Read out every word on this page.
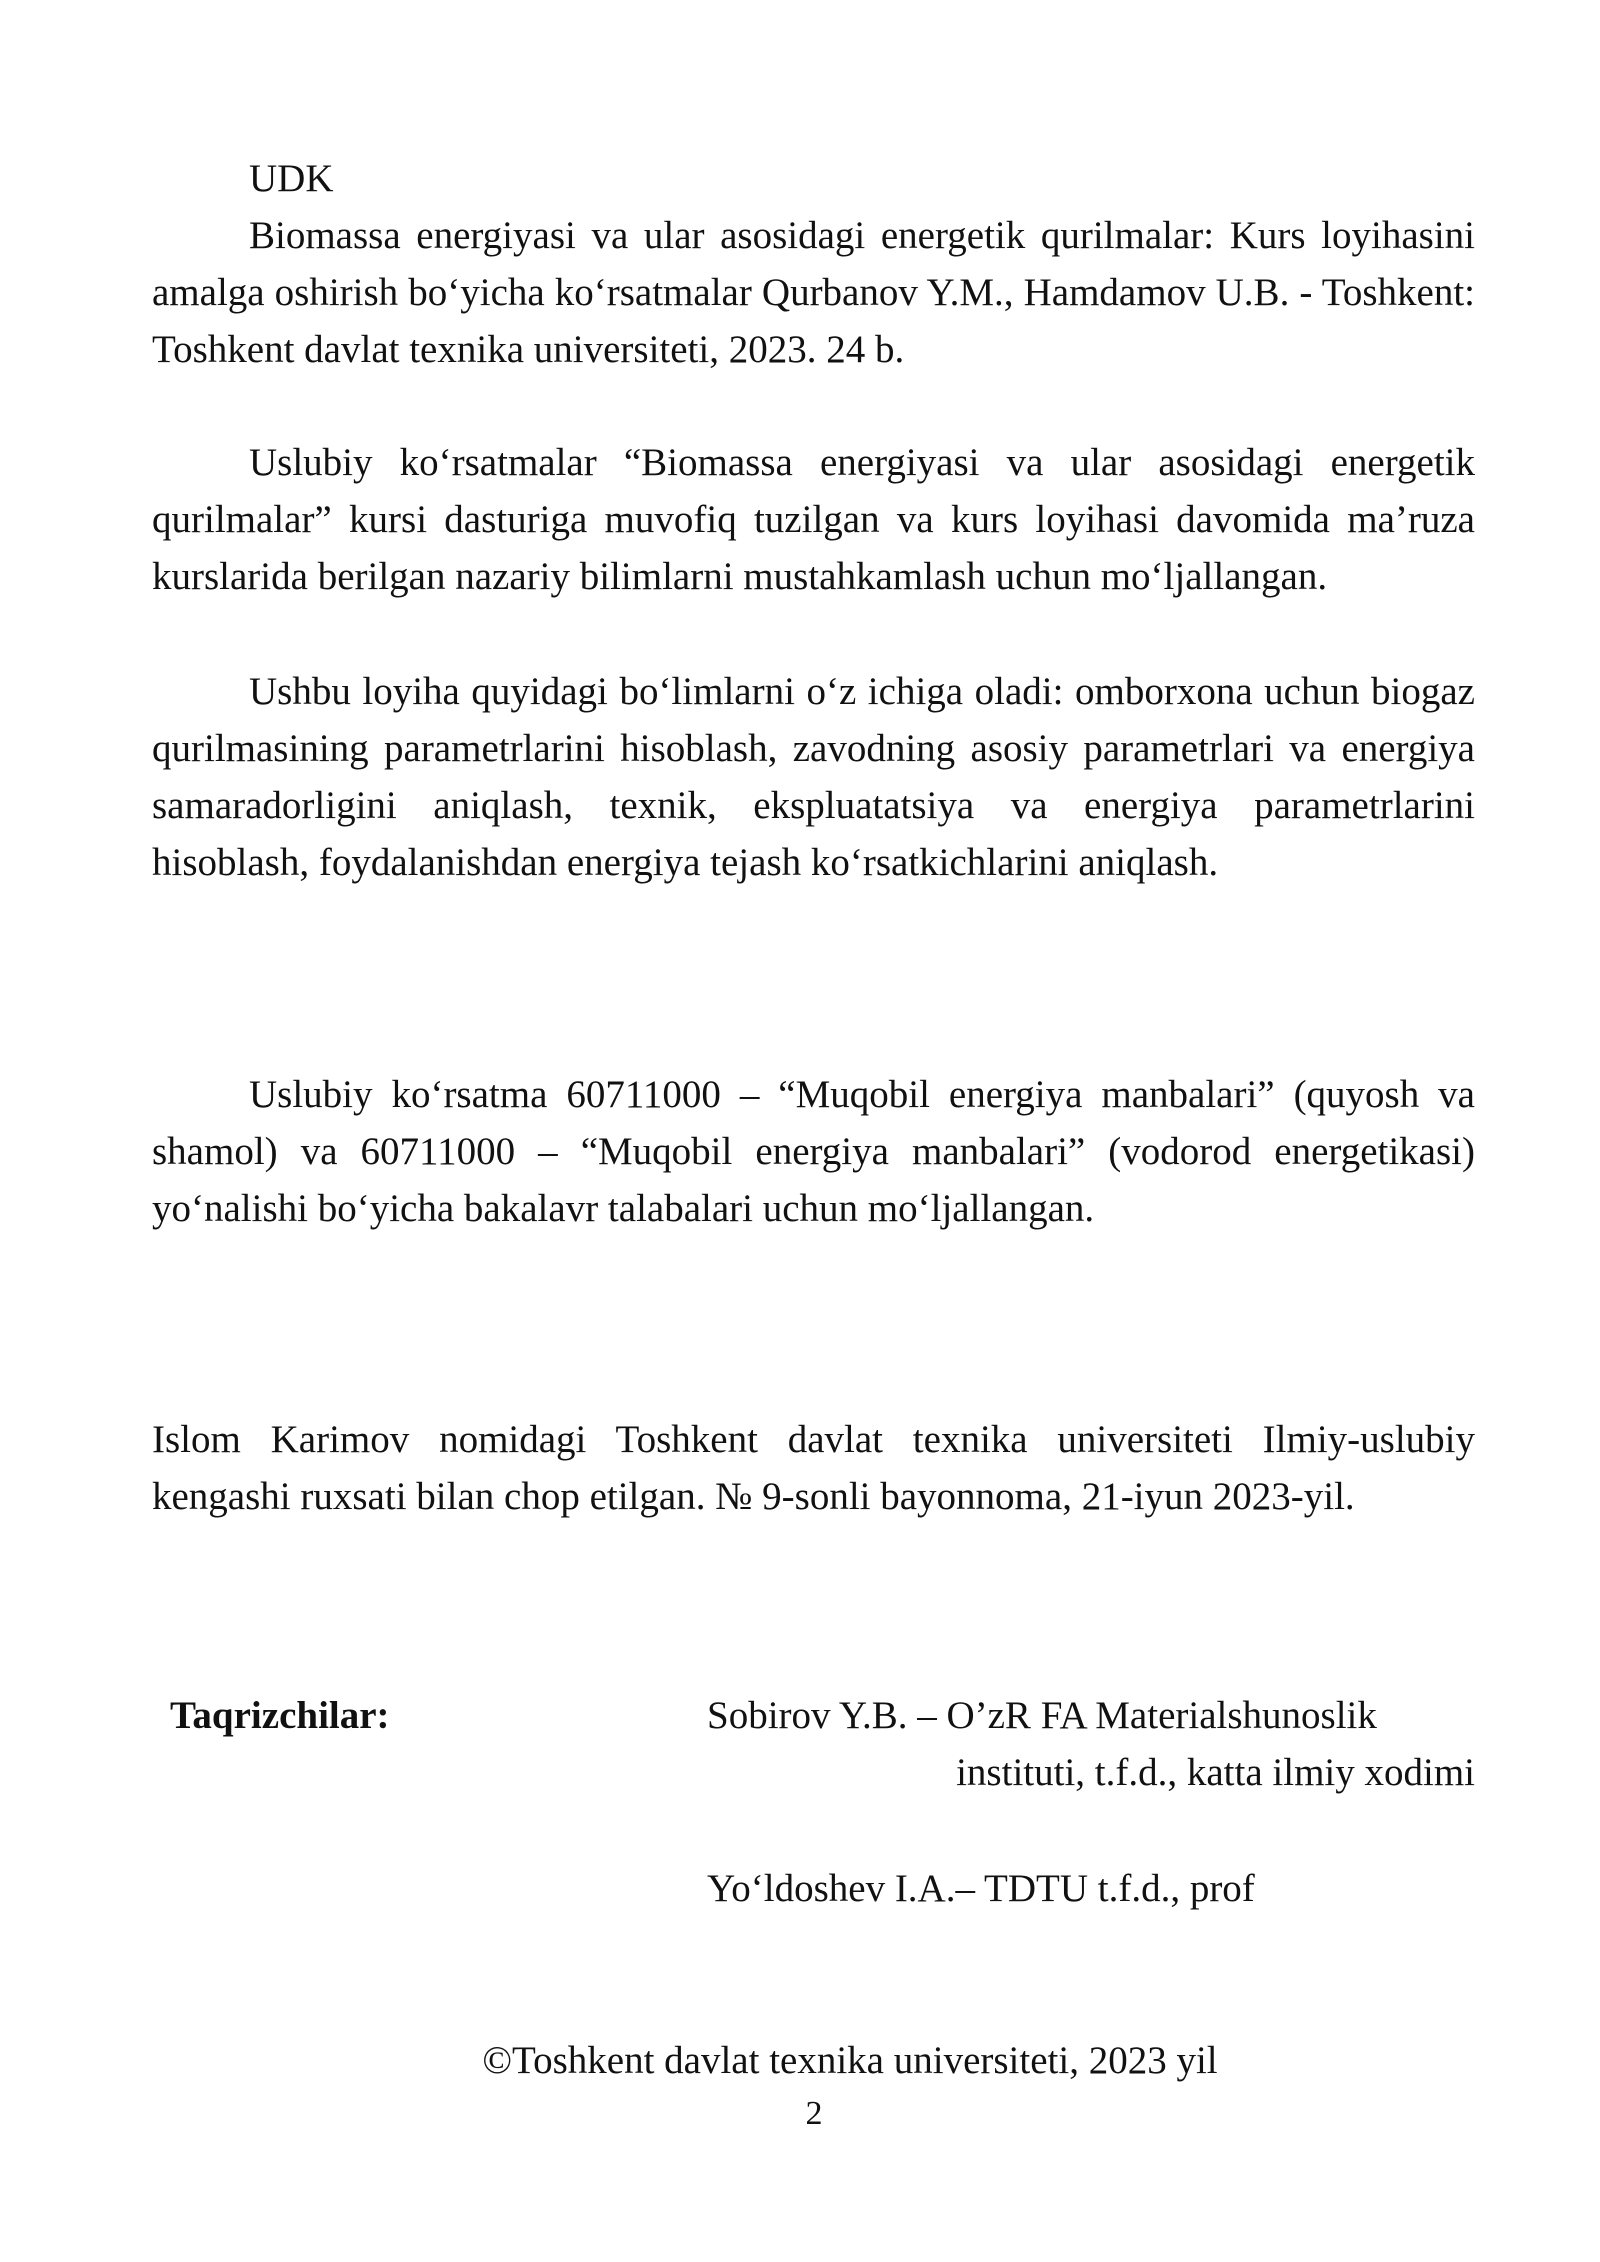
UDK

Biomassa energiyasi va ular asosidagi energetik qurilmalar: Kurs loyihasini amalga oshirish bo‘yicha ko‘rsatmalar Qurbanov Y.M., Hamdamov U.B. - Toshkent: Toshkent davlat texnika universiteti, 2023. 24 b.

Uslubiy ko‘rsatmalar “Biomassa energiyasi va ular asosidagi energetik qurilmalar” kursi dasturiga muvofiq tuzilgan va kurs loyihasi davomida ma’ruza kurslarida berilgan nazariy bilimlarni mustahkamlash uchun mo‘ljallangan.

Ushbu loyiha quyidagi bo‘limlarni o‘z ichiga oladi: omborxona uchun biogaz qurilmasining parametrlarini hisoblash, zavodning asosiy parametrlari va energiya samaradorligini aniqlash, texnik, ekspluatatsiya va energiya parametrlarini hisoblash, foydalanishdan energiya tejash ko‘rsatkichlarini aniqlash.

Uslubiy ko‘rsatma 60711000 – “Muqobil energiya manbalari” (quyosh va shamol) va 60711000 – “Muqobil energiya manbalari” (vodorod energetikasi) yo‘nalishi bo‘yicha bakalavr talabalari uchun mo‘ljallangan.

Islom Karimov nomidagi Toshkent davlat texnika universiteti Ilmiy-uslubiy kengashi ruxsati bilan chop etilgan. № 9-sonli bayonnoma, 21-iyun 2023-yil.

Taqrizchilar:	Sobirov Y.B. – O’zR FA Materialshunoslik
instituti, t.f.d., katta ilmiy xodimi
Yo‘ldoshev I.A.– TDTU t.f.d., prof
©Toshkent davlat texnika universiteti, 2023 yil
2
